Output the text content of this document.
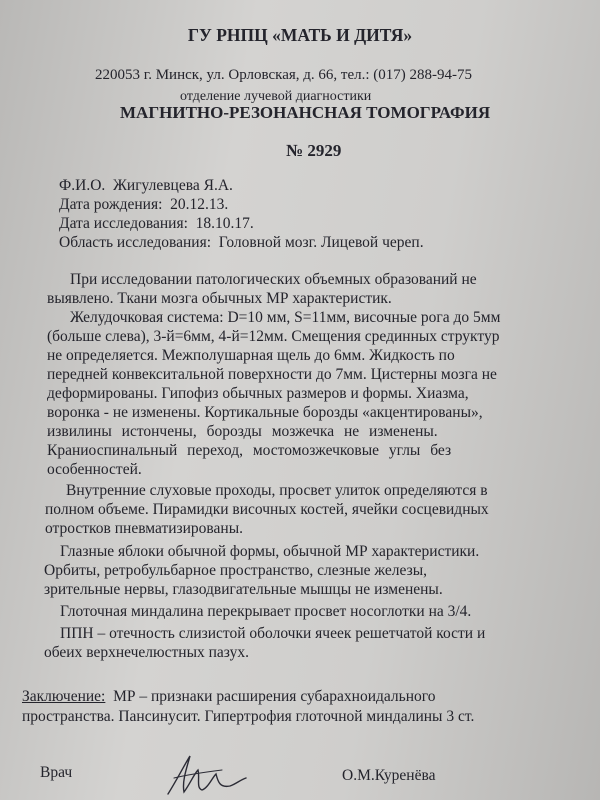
ГУ РНПЦ «МАТЬ И ДИТЯ»
220053 г. Минск, ул. Орловская, д. 66, тел.: (017) 288-94-75
отделение лучевой диагностики
МАГНИТНО-РЕЗОНАНСНАЯ ТОМОГРАФИЯ
№ 2929
Ф.И.О. Жигулевцева Я.А.
Дата рождения: 20.12.13.
Дата исследования: 18.10.17.
Область исследования: Головной мозг. Лицевой череп.
При исследовании патологических объемных образований не
выявлено. Ткани мозга обычных МР характеристик.
Желудочковая система: D=10 мм, S=11мм, височные рога до 5мм
(больше слева), 3-й=6мм, 4-й=12мм. Смещения срединных структур
не определяется. Межполушарная щель до 6мм. Жидкость по
передней конвекситальной поверхности до 7мм. Цистерны мозга не
деформированы. Гипофиз обычных размеров и формы. Хиазма,
воронка - не изменены. Кортикальные борозды «акцентированы»,
извилины истончены, борозды мозжечка не изменены.
Краниоспинальный переход, мостомозжечковые углы без
особенностей.
Внутренние слуховые проходы, просвет улиток определяются в
полном объеме. Пирамидки височных костей, ячейки сосцевидных
отростков пневматизированы.
Глазные яблоки обычной формы, обычной МР характеристики.
Орбиты, ретробульбарное пространство, слезные железы,
зрительные нервы, глазодвигательные мышцы не изменены.
Глоточная миндалина перекрывает просвет носоглотки на 3/4.
ППН – отечность слизистой оболочки ячеек решетчатой кости и
обеих верхнечелюстных пазух.
Заключение: МР – признаки расширения субарахноидального
пространства. Пансинусит. Гипертрофия глоточной миндалины 3 ст.
Врач	О.М.Куренёва
